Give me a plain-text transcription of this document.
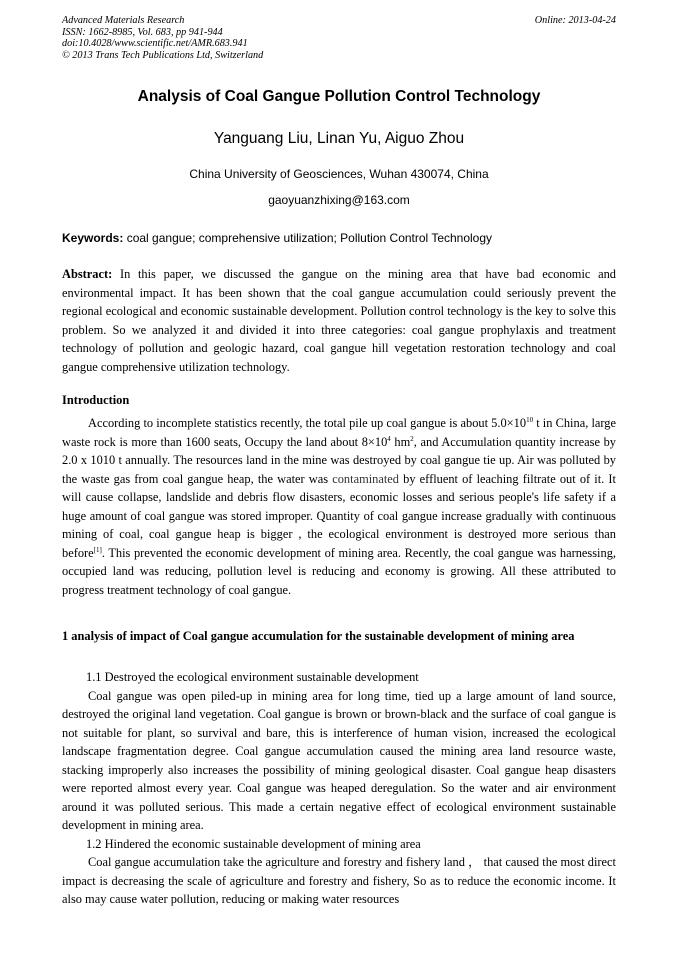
Advanced Materials Research
ISSN: 1662-8985, Vol. 683, pp 941-944
doi:10.4028/www.scientific.net/AMR.683.941
© 2013 Trans Tech Publications Ltd, Switzerland
Online: 2013-04-24
Analysis of Coal Gangue Pollution Control Technology
Yanguang Liu, Linan Yu, Aiguo Zhou
China University of Geosciences, Wuhan 430074, China
gaoyuanzhixing@163.com
Keywords: coal gangue; comprehensive utilization; Pollution Control Technology

Abstract: In this paper, we discussed the gangue on the mining area that have bad economic and environmental impact. It has been shown that the coal gangue accumulation could seriously prevent the regional ecological and economic sustainable development. Pollution control technology is the key to solve this problem. So we analyzed it and divided it into three categories: coal gangue prophylaxis and treatment technology of pollution and geologic hazard, coal gangue hill vegetation restoration technology and coal gangue comprehensive utilization technology.

Introduction

According to incomplete statistics recently, the total pile up coal gangue is about $5.0\times 10^{10}$ t in China, large waste rock is more than 1600 seats, Occupy the land about $8\times 10^4$ $hm^2$, and Accumulation quantity increase by 2.0 x 1010 t annually. The resources land in the mine was destroyed by coal gangue tie up. Air was polluted by the waste gas from coal gangue heap, the water was contaminated by effluent of leaching filtrate out of it. It will cause collapse, landslide and debris flow disasters, economic losses and serious people's life safety if a huge amount of coal gangue was stored improper. Quantity of coal gangue increase gradually with continuous mining of coal, coal gangue heap is bigger , the ecological environment is destroyed more serious than before[1]. This prevented the economic development of mining area. Recently, the coal gangue was harnessing, occupied land was reducing, pollution level is reducing and economy is growing. All these attributed to progress treatment technology of coal gangue.

1 analysis of impact of Coal gangue accumulation for the sustainable development of mining area

1.1 Destroyed the ecological environment sustainable development

Coal gangue was open piled-up in mining area for long time, tied up a large amount of land source, destroyed the original land vegetation. Coal gangue is brown or brown-black and the surface of coal gangue is not suitable for plant, so survival and bare, this is interference of human vision, increased the ecological landscape fragmentation degree. Coal gangue accumulation caused the mining area land resource waste, stacking improperly also increases the possibility of mining geological disaster. Coal gangue heap disasters were reported almost every year. Coal gangue was heaped deregulation. So the water and air environment around it was polluted serious. This made a certain negative effect of ecological environment sustainable development in mining area.

1.2 Hindered the economic sustainable development of mining area

Coal gangue accumulation take the agriculture and forestry and fishery land ， that caused the most direct impact is decreasing the scale of agriculture and forestry and fishery, So as to reduce the economic income. It also may cause water pollution, reducing or making water resources
